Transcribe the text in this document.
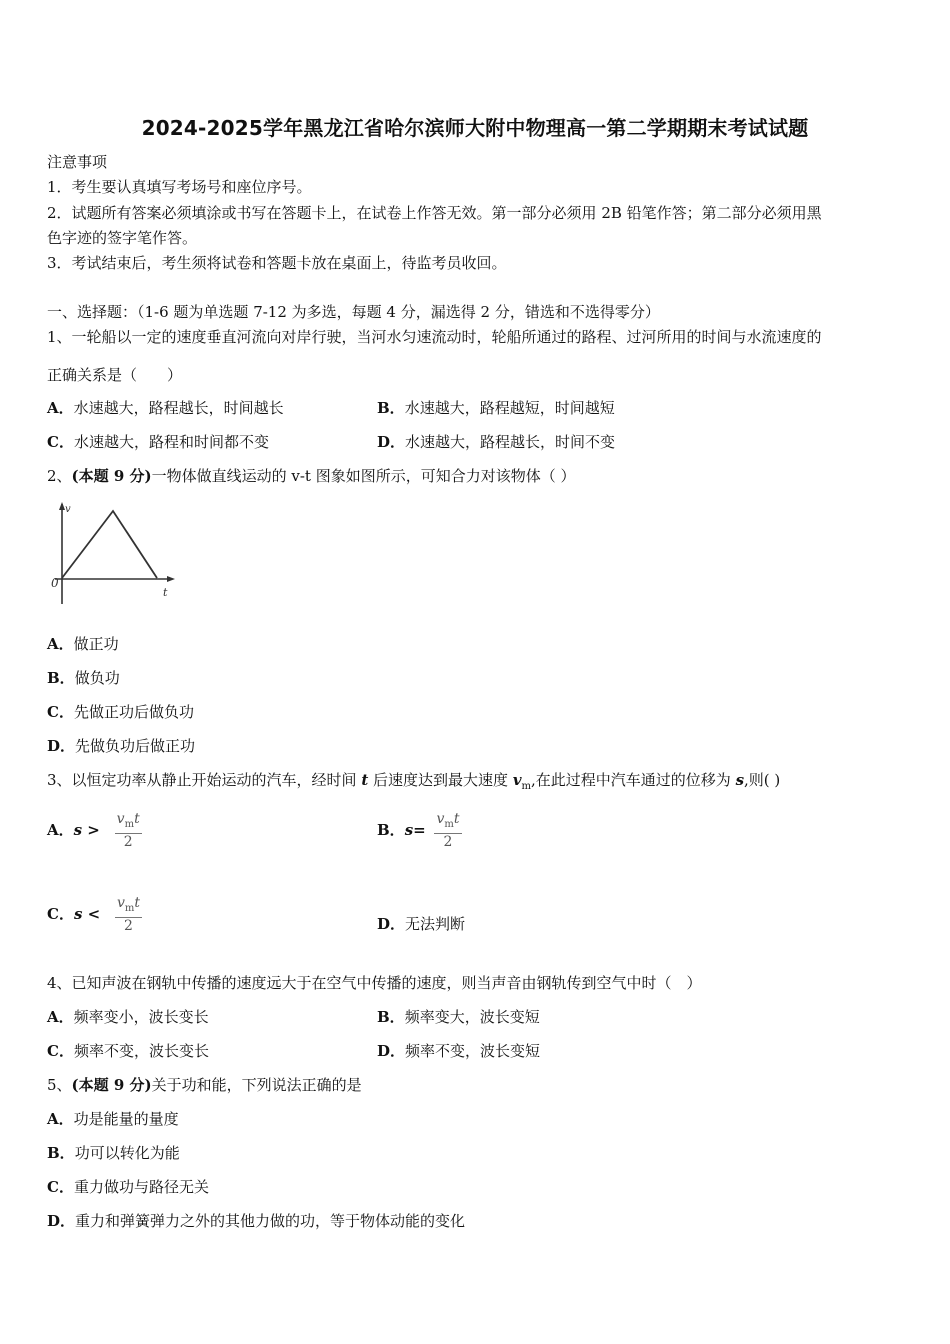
2024-2025学年黑龙江省哈尔滨师大附中物理高一第二学期期末考试试题
注意事项
1．考生要认真填写考场号和座位序号。
2．试题所有答案必须填涂或书写在答题卡上，在试卷上作答无效。第一部分必须用 2B 铅笔作答；第二部分必须用黑
色字迹的签字笔作答。
3．考试结束后，考生须将试卷和答题卡放在桌面上，待监考员收回。
一、选择题：（1-6 题为单选题 7-12 为多选，每题 4 分，漏选得 2 分，错选和不选得零分）
1、一轮船以一定的速度垂直河流向对岸行驶，当河水匀速流动时，轮船所通过的路程、过河所用的时间与水流速度的
正确关系是（　　）
A．水速越大，路程越长，时间越长	B．水速越大，路程越短，时间越短
C．水速越大，路程和时间都不变	D．水速越大，路程越长，时间不变
2、(本题 9 分)一物体做直线运动的 v-t 图象如图所示，可知合力对该物体（ ）
v
0
t
A．做正功
B．做负功
C．先做正功后做负功
D．先做负功后做正功
3、以恒定功率从静止开始运动的汽车，经时间 t 后速度达到最大速度 $v_m$,在此过程中汽车通过的位移为 s,则( )
A．$s > \frac{v_mt}{2}$	B．$s= \frac{v_mt}{2}$
C．$s < \frac{v_mt}{2}$	D．无法判断
4、已知声波在钢轨中传播的速度远大于在空气中传播的速度，则当声音由钢轨传到空气中时（　）
A．频率变小，波长变长	B．频率变大，波长变短
C．频率不变，波长变长	D．频率不变，波长变短
5、(本题 9 分)关于功和能，下列说法正确的是
A．功是能量的量度
B．功可以转化为能
C．重力做功与路径无关
D．重力和弹簧弹力之外的其他力做的功，等于物体动能的变化
